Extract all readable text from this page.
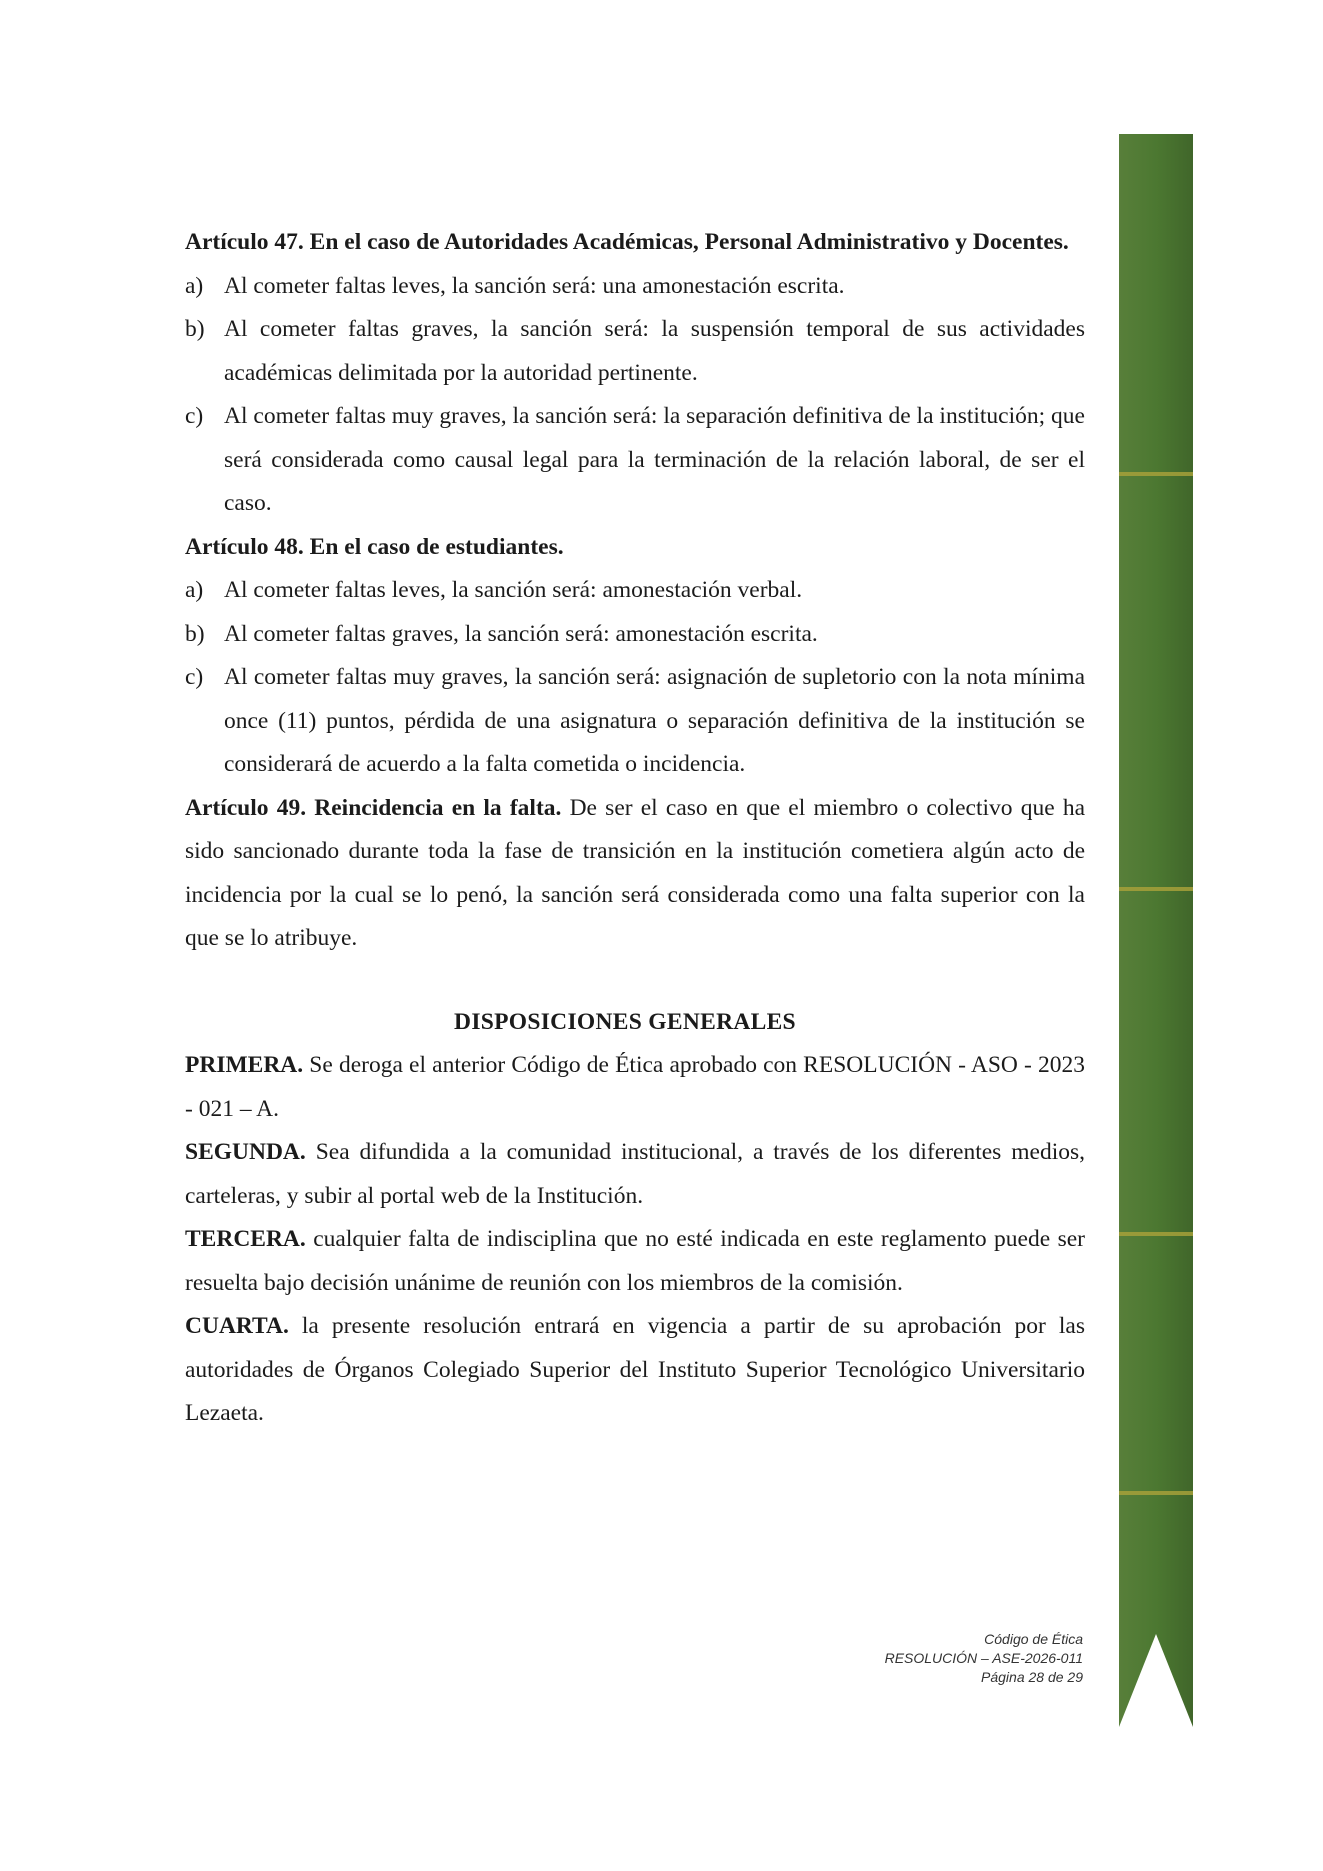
Artículo 47. En el caso de Autoridades Académicas, Personal Administrativo y Docentes.

a) Al cometer faltas leves, la sanción será: una amonestación escrita.

b) Al cometer faltas graves, la sanción será: la suspensión temporal de sus actividades académicas delimitada por la autoridad pertinente.

c) Al cometer faltas muy graves, la sanción será: la separación definitiva de la institución; que será considerada como causal legal para la terminación de la relación laboral, de ser el caso.

Artículo 48. En el caso de estudiantes.

a) Al cometer faltas leves, la sanción será: amonestación verbal.

b) Al cometer faltas graves, la sanción será: amonestación escrita.

c) Al cometer faltas muy graves, la sanción será: asignación de supletorio con la nota mínima once (11) puntos, pérdida de una asignatura o separación definitiva de la institución se considerará de acuerdo a la falta cometida o incidencia.

Artículo 49. Reincidencia en la falta. De ser el caso en que el miembro o colectivo que ha sido sancionado durante toda la fase de transición en la institución cometiera algún acto de incidencia por la cual se lo penó, la sanción será considerada como una falta superior con la que se lo atribuye.

DISPOSICIONES GENERALES

PRIMERA. Se deroga el anterior Código de Ética aprobado con RESOLUCIÓN - ASO - 2023 - 021 – A.

SEGUNDA. Sea difundida a la comunidad institucional, a través de los diferentes medios, carteleras, y subir al portal web de la Institución.

TERCERA. cualquier falta de indisciplina que no esté indicada en este reglamento puede ser resuelta bajo decisión unánime de reunión con los miembros de la comisión.

CUARTA. la presente resolución entrará en vigencia a partir de su aprobación por las autoridades de Órganos Colegiado Superior del Instituto Superior Tecnológico Universitario Lezaeta.

Código de Ética
RESOLUCIÓN – ASE-2026-011
Página 28 de 29
